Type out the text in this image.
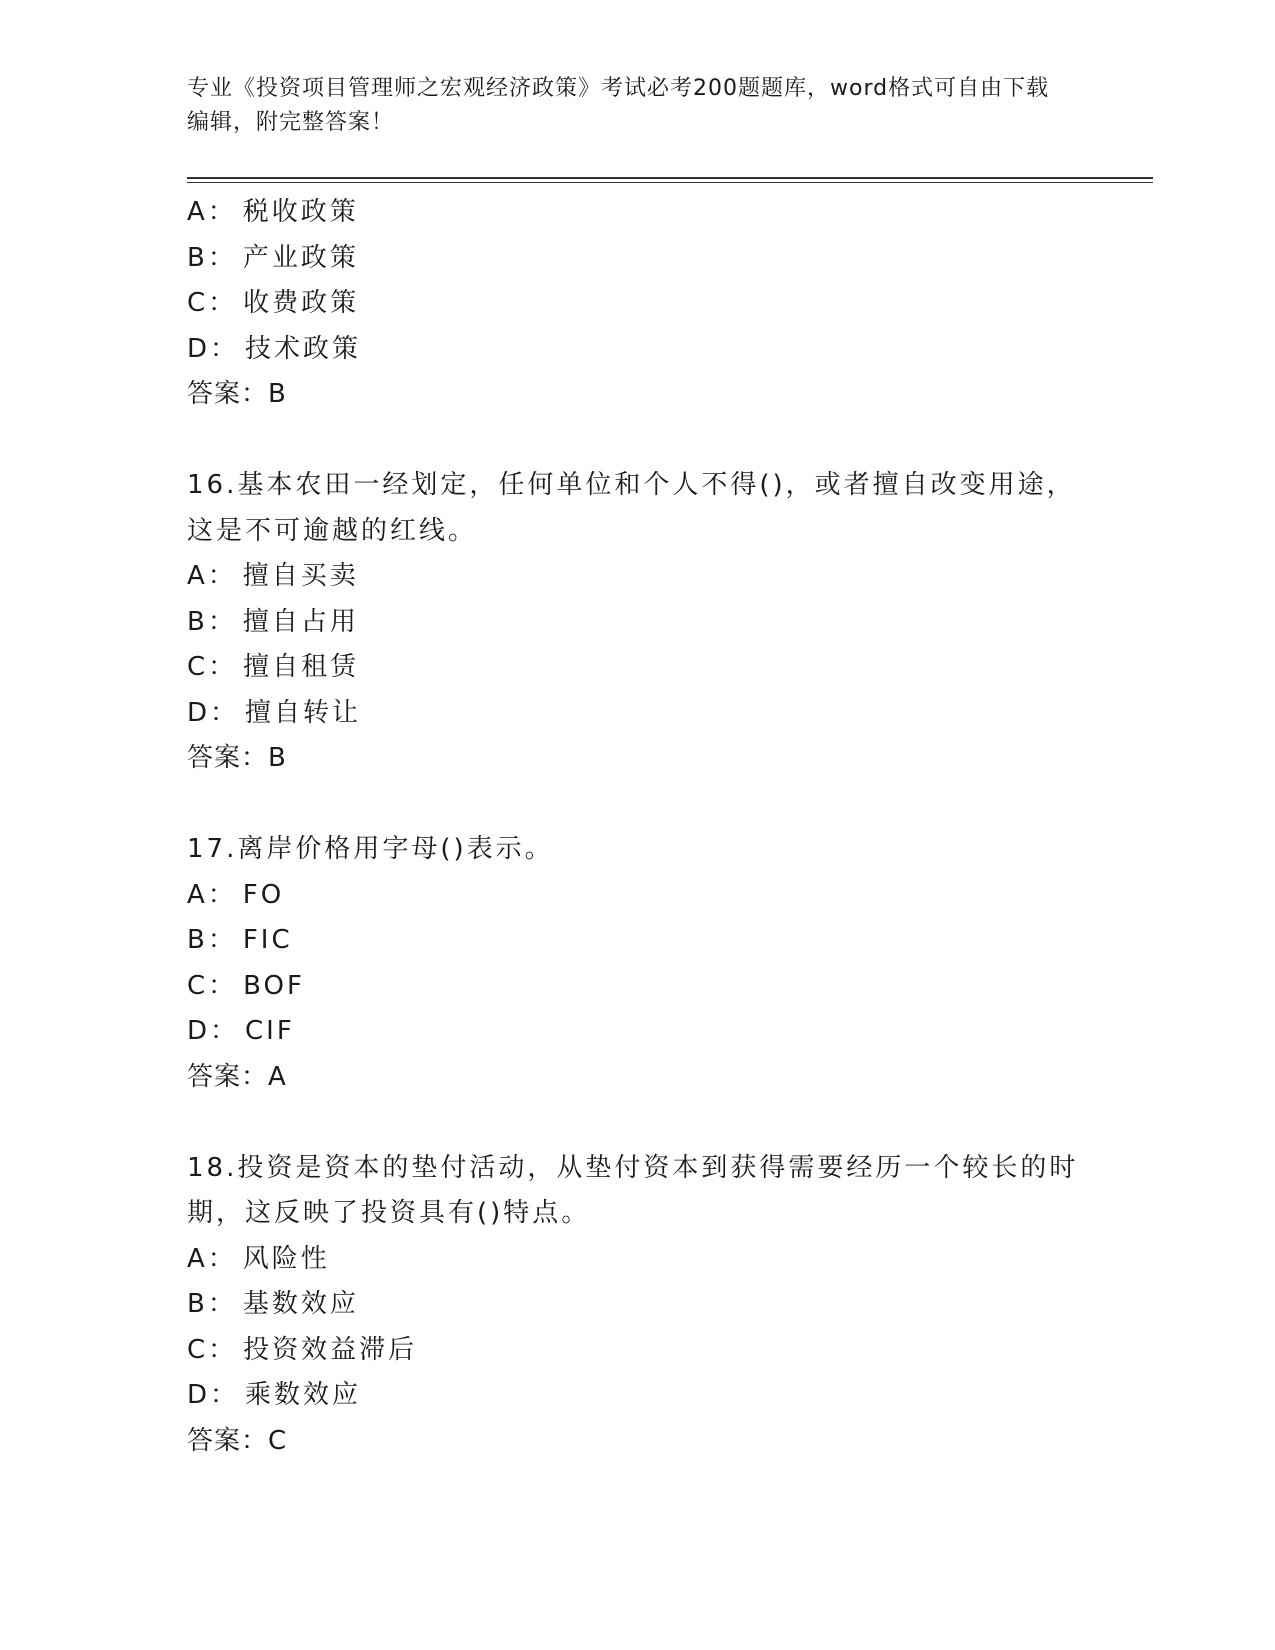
专业《投资项目管理师之宏观经济政策》考试必考200题题库，word格式可自由下载编辑，附完整答案！
A： 税收政策
B： 产业政策
C： 收费政策
D： 技术政策
答案：B
16.基本农田一经划定，任何单位和个人不得()，或者擅自改变用途，
这是不可逾越的红线。
A： 擅自买卖
B： 擅自占用
C： 擅自租赁
D： 擅自转让
答案：B
17.离岸价格用字母()表示。
A： FO
B： FIC
C： BOF
D： CIF
答案：A
18.投资是资本的垫付活动，从垫付资本到获得需要经历一个较长的时
期，这反映了投资具有()特点。
A： 风险性
B： 基数效应
C： 投资效益滞后
D： 乘数效应
答案：C
